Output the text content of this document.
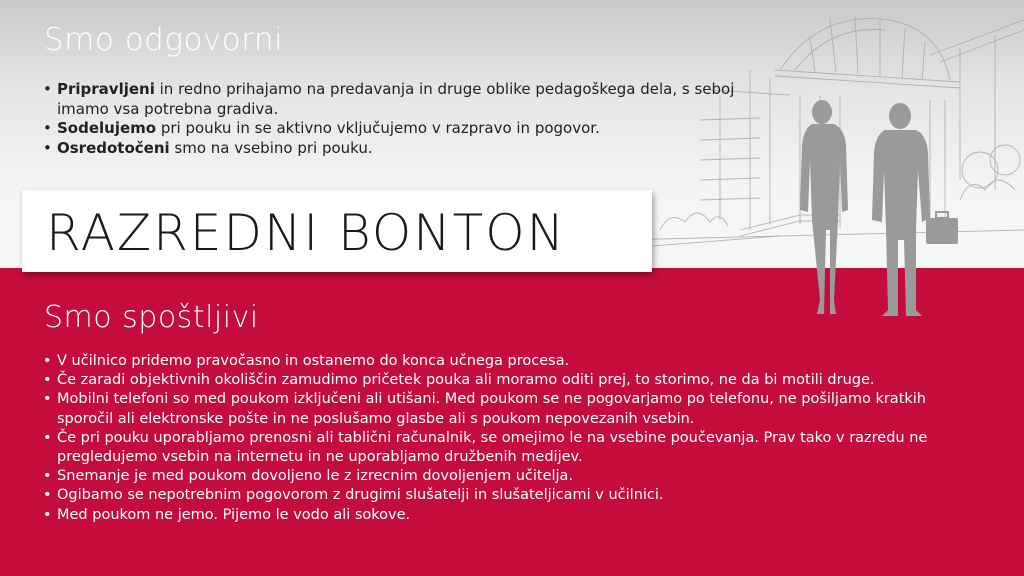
Smo odgovorni
• Pripravljeni in redno prihajamo na predavanja in druge oblike pedagoškega dela, s seboj imamo vsa potrebna gradiva.
• Sodelujemo pri pouku in se aktivno vključujemo v razpravo in pogovor.
• Osredotočeni smo na vsebino pri pouku.
RAZREDNI BONTON
Smo spoštljivi
• V učilnico pridemo pravočasno in ostanemo do konca učnega procesa.
• Če zaradi objektivnih okoliščin zamudimo pričetek pouka ali moramo oditi prej, to storimo, ne da bi motili druge.
• Mobilni telefoni so med poukom izključeni ali utišani. Med poukom se ne pogovarjamo po telefonu, ne pošiljamo kratkih sporočil ali elektronske pošte in ne poslušamo glasbe ali s poukom nepovezanih vsebin.
• Če pri pouku uporabljamo prenosni ali tablični računalnik, se omejimo le na vsebine poučevanja. Prav tako v razredu ne pregledujemo vsebin na internetu in ne uporabljamo družbenih medijev.
• Snemanje je med poukom dovoljeno le z izrecnim dovoljenjem učitelja.
• Ogibamo se nepotrebnim pogovorom z drugimi slušatelji in slušateljicami v učilnici.
• Med poukom ne jemo. Pijemo le vodo ali sokove.
